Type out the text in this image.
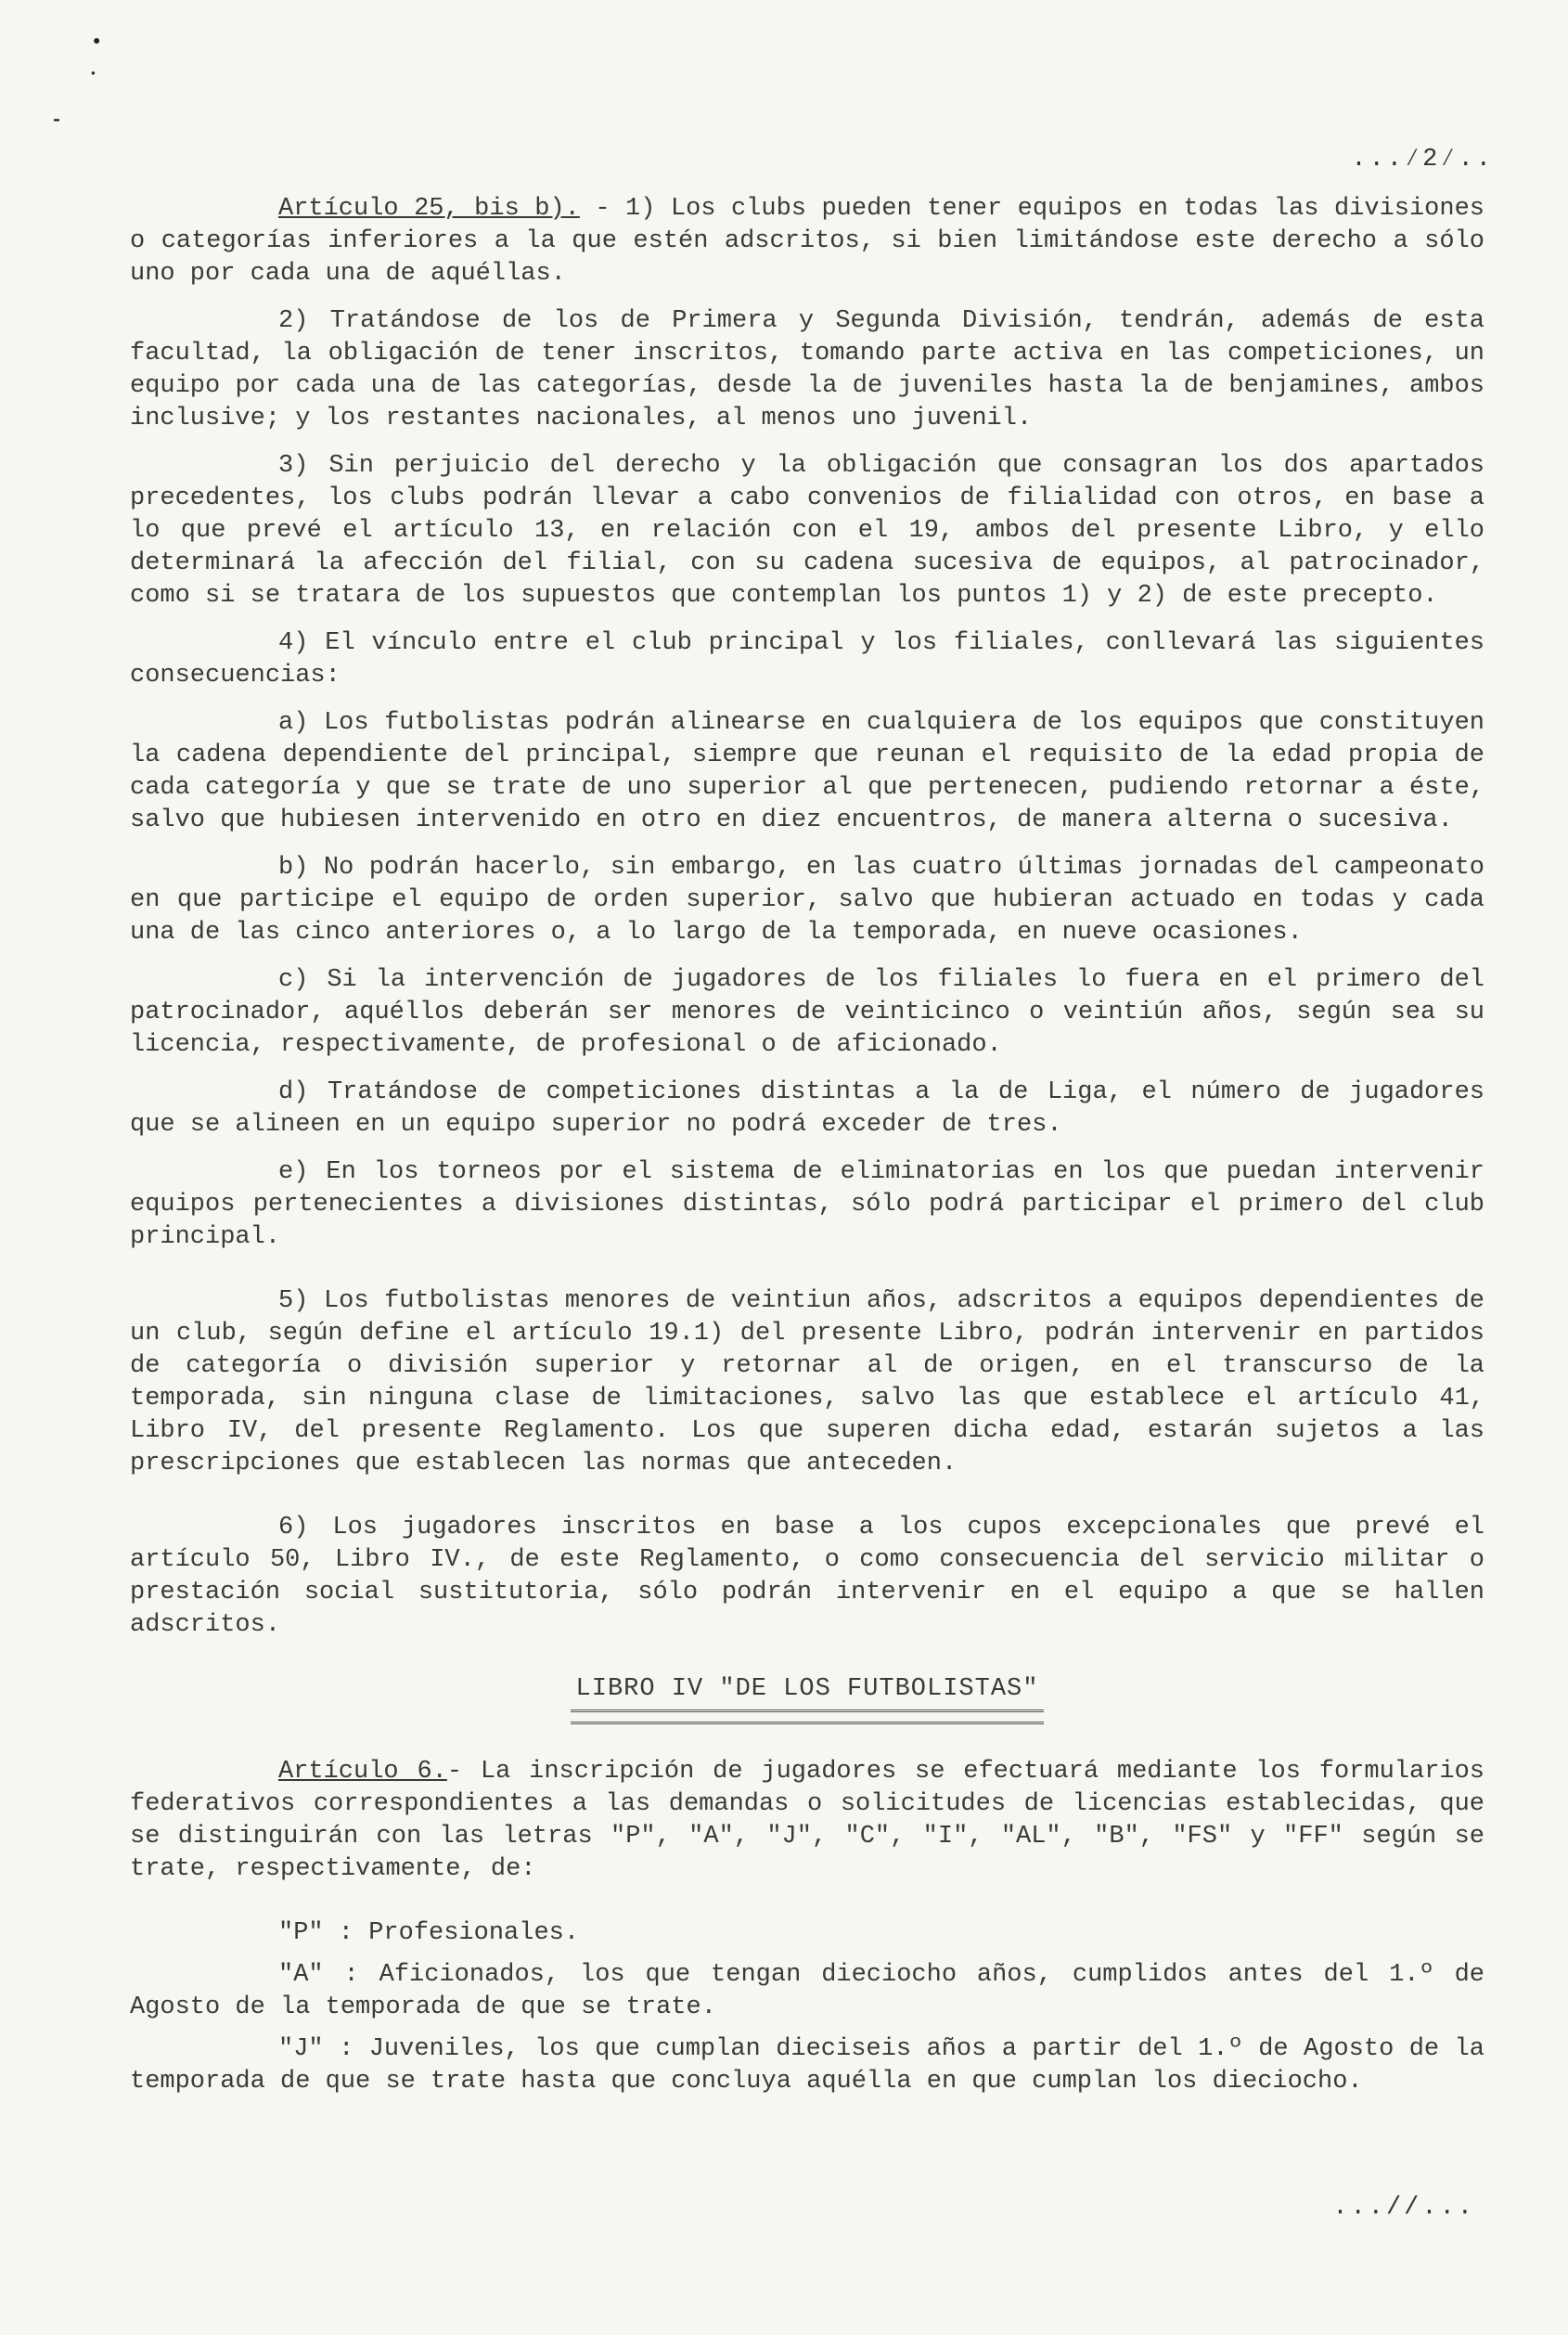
●
●
▬
...∕2∕..

Artículo 25, bis b). - 1) Los clubs pueden tener equipos en todas las divisiones o categorías inferiores a la que estén adscritos, si bien limitándose este derecho a sólo uno por cada una de aquéllas.

2) Tratándose de los de Primera y Segunda División, tendrán, además de esta facultad, la obligación de tener inscritos, tomando parte activa en las competiciones, un equipo por cada una de las categorías, desde la de juveniles hasta la de benjamines, ambos inclusive; y los restantes nacionales, al menos uno juvenil.

3) Sin perjuicio del derecho y la obligación que consagran los dos apartados precedentes, los clubs podrán llevar a cabo convenios de filialidad con otros, en base a lo que prevé el artículo 13, en relación con el 19, ambos del presente Libro, y ello determinará la afección del filial, con su cadena sucesiva de equipos, al patrocinador, como si se tratara de los supuestos que contemplan los puntos 1) y 2) de este precepto.

4) El vínculo entre el club principal y los filiales, conllevará las siguientes consecuencias:

a) Los futbolistas podrán alinearse en cualquiera de los equipos que constituyen la cadena dependiente del principal, siempre que reunan el requisito de la edad propia de cada categoría y que se trate de uno superior al que pertenecen, pudiendo retornar a éste, salvo que hubiesen intervenido en otro en diez encuentros, de manera alterna o sucesiva.

b) No podrán hacerlo, sin embargo, en las cuatro últimas jornadas del campeonato en que participe el equipo de orden superior, salvo que hubieran actuado en todas y cada una de las cinco anteriores o, a lo largo de la temporada, en nueve ocasiones.

c) Si la intervención de jugadores de los filiales lo fuera en el primero del patrocinador, aquéllos deberán ser menores de veinticinco o veintiún años, según sea su licencia, respectivamente, de profesional o de aficionado.

d) Tratándose de competiciones distintas a la de Liga, el número de jugadores que se alineen en un equipo superior no podrá exceder de tres.

e) En los torneos por el sistema de eliminatorias en los que puedan intervenir equipos pertenecientes a divisiones distintas, sólo podrá participar el primero del club principal.

5) Los futbolistas menores de veintiun años, adscritos a equipos dependientes de un club, según define el artículo 19.1) del presente Libro, podrán intervenir en partidos de categoría o división superior y retornar al de origen, en el transcurso de la temporada, sin ninguna clase de limitaciones, salvo las que establece el artículo 41, Libro IV, del presente Reglamento. Los que superen dicha edad, estarán sujetos a las prescripciones que establecen las normas que anteceden.

6) Los jugadores inscritos en base a los cupos excepcionales que prevé el artículo 50, Libro IV., de este Reglamento, o como consecuencia del servicio militar o prestación social sustitutoria, sólo podrán intervenir en el equipo a que se hallen adscritos.

LIBRO IV "DE LOS FUTBOLISTAS"

Artículo 6.- La inscripción de jugadores se efectuará mediante los formularios federativos correspondientes a las demandas o solicitudes de licencias establecidas, que se distinguirán con las letras "P", "A", "J", "C", "I", "AL", "B", "FS" y "FF" según se trate, respectivamente, de:

"P" : Profesionales.

"A" : Aficionados, los que tengan dieciocho años, cumplidos antes del 1.º de Agosto de la temporada de que se trate.

"J" : Juveniles, los que cumplan dieciseis años a partir del 1.º de Agosto de la temporada de que se trate hasta que concluya aquélla en que cumplan los dieciocho.

...//...
